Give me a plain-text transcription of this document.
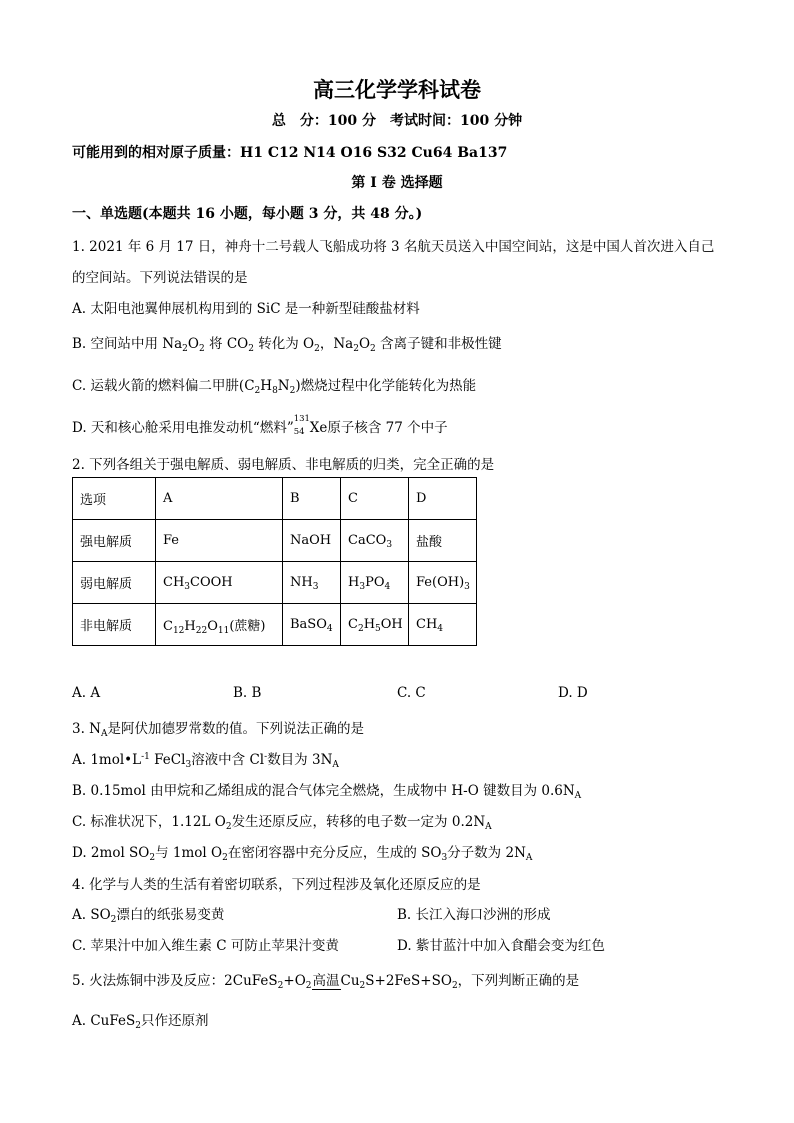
高三化学学科试卷
总　分：100 分　考试时间：100 分钟
可能用到的相对原子质量：H1 C12 N14 O16 S32 Cu64 Ba137
第 I 卷 选择题
一、单选题(本题共 16 小题，每小题 3 分，共 48 分。)
1. 2021 年 6 月 17 日，神舟十二号载人飞船成功将 3 名航天员送入中国空间站，这是中国人首次进入自己
的空间站。下列说法错误的是
A. 太阳电池翼伸展机构用到的 SiC 是一种新型硅酸盐材料
B. 空间站中用 $Na_2O_2$ 将 $CO_2$ 转化为 $O_2$，$Na_2O_2$ 含离子键和非极性键
C. 运载火箭的燃料偏二甲肼$(C_2H_8N_2)$燃烧过程中化学能转化为热能
D. 天和核心舱采用电推发动机“燃料”
131
54 Xe原子核含 77 个中子
2. 下列各组关于强电解质、弱电解质、非电解质的归类，完全正确的是
选项	A	B	C	D
强电解质	Fe	NaOH	CaCO$_3$	盐酸
弱电解质	$CH_3COOH$	$NH_3$	$H_3PO_4$	$Fe(OH)_3$
非电解质	$C_{12}H_{22}O_{11}$(蔗糖)	BaSO$_4$	$C_2H_5OH$	$CH_4$
A. A	B. B	C. C	D. D
3. $N_A$是阿伏加德罗常数的值。下列说法正确的是
A. $1mol•L^{-1}$ FeCl$_3$溶液中含 Cl-数目为 $3N_A$
B. 0.15mol 由甲烷和乙烯组成的混合气体完全燃烧，生成物中 H-O 键数目为 $0.6N_A$
C. 标准状况下，1.12L $O_2$发生还原反应，转移的电子数一定为 $0.2N_A$
D. 2mol $SO_2$与 1mol $O_2$在密闭容器中充分反应，生成的 $SO_3$分子数为 $2N_A$
4. 化学与人类的生活有着密切联系，下列过程涉及氧化还原反应的是
A. $SO_2$漂白的纸张易变黄	B. 长江入海口沙洲的形成
C. 苹果汁中加入维生素 C 可防止苹果汁变黄	D. 紫甘蓝汁中加入食醋会变为红色
5. 火法炼铜中涉及反应：$2CuFeS_2+O_2$高温$Cu_2S+2FeS+SO_2$，下列判断正确的是
A. CuFeS$_2$只作还原剂
